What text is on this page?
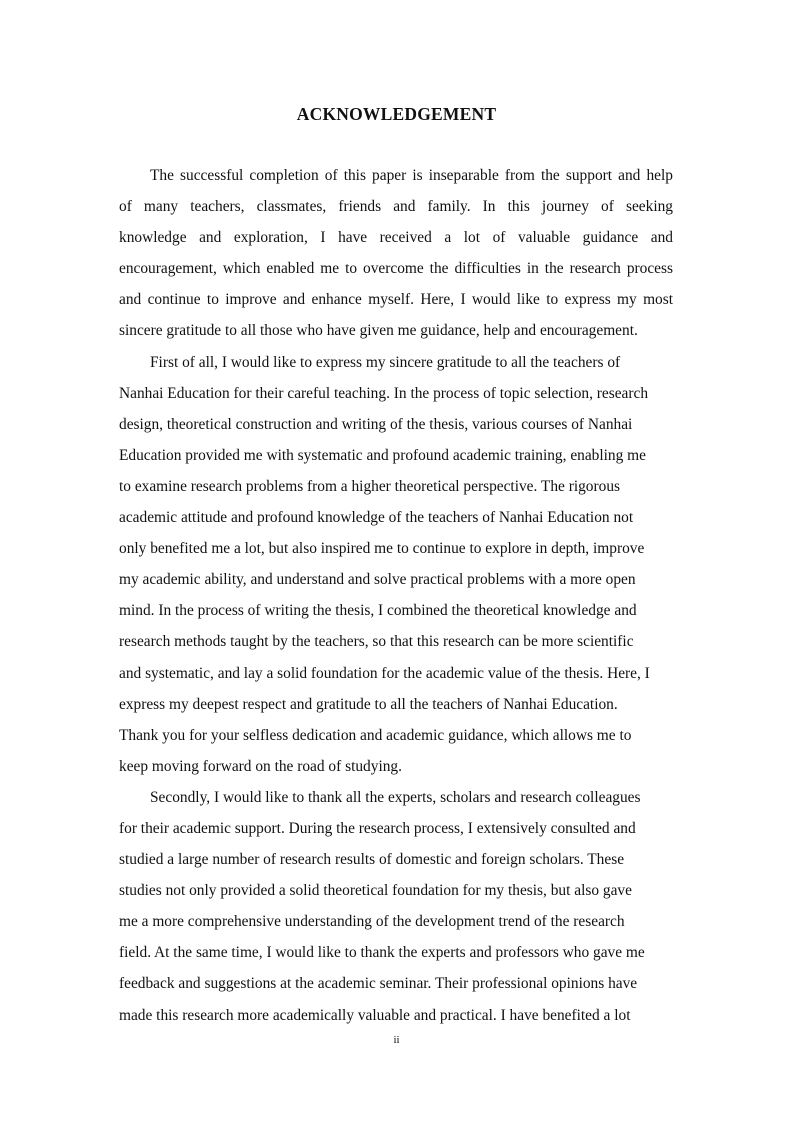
ACKNOWLEDGEMENT
The successful completion of this paper is inseparable from the support and help
of many teachers, classmates, friends and family. In this journey of seeking
knowledge and exploration, I have received a lot of valuable guidance and
encouragement, which enabled me to overcome the difficulties in the research process
and continue to improve and enhance myself. Here, I would like to express my most
sincere gratitude to all those who have given me guidance, help and encouragement.
First of all, I would like to express my sincere gratitude to all the teachers of
Nanhai Education for their careful teaching. In the process of topic selection, research
design, theoretical construction and writing of the thesis, various courses of Nanhai
Education provided me with systematic and profound academic training, enabling me
to examine research problems from a higher theoretical perspective. The rigorous
academic attitude and profound knowledge of the teachers of Nanhai Education not
only benefited me a lot, but also inspired me to continue to explore in depth, improve
my academic ability, and understand and solve practical problems with a more open
mind. In the process of writing the thesis, I combined the theoretical knowledge and
research methods taught by the teachers, so that this research can be more scientific
and systematic, and lay a solid foundation for the academic value of the thesis. Here, I
express my deepest respect and gratitude to all the teachers of Nanhai Education.
Thank you for your selfless dedication and academic guidance, which allows me to
keep moving forward on the road of studying.
Secondly, I would like to thank all the experts, scholars and research colleagues
for their academic support. During the research process, I extensively consulted and
studied a large number of research results of domestic and foreign scholars. These
studies not only provided a solid theoretical foundation for my thesis, but also gave
me a more comprehensive understanding of the development trend of the research
field. At the same time, I would like to thank the experts and professors who gave me
feedback and suggestions at the academic seminar. Their professional opinions have
made this research more academically valuable and practical. I have benefited a lot
ii
